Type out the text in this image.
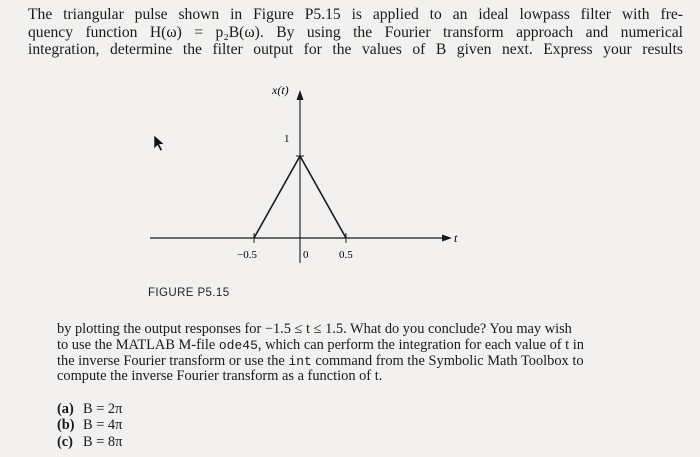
The triangular pulse shown in Figure P5.15 is applied to an ideal lowpass filter with fre-
quency function H(ω) = p₂B(ω). By using the Fourier transform approach and numerical
integration, determine the filter output for the values of B given next. Express your results
x(t)
t
1
−0.5	0	0.5
FIGURE P5.15
by plotting the output responses for −1.5 ≤ t ≤ 1.5. What do you conclude? You may wish
to use the MATLAB M-file ode45, which can perform the integration for each value of t in
the inverse Fourier transform or use the int command from the Symbolic Math Toolbox to
compute the inverse Fourier transform as a function of t.
(a) B = 2π
(b) B = 4π
(c) B = 8π
